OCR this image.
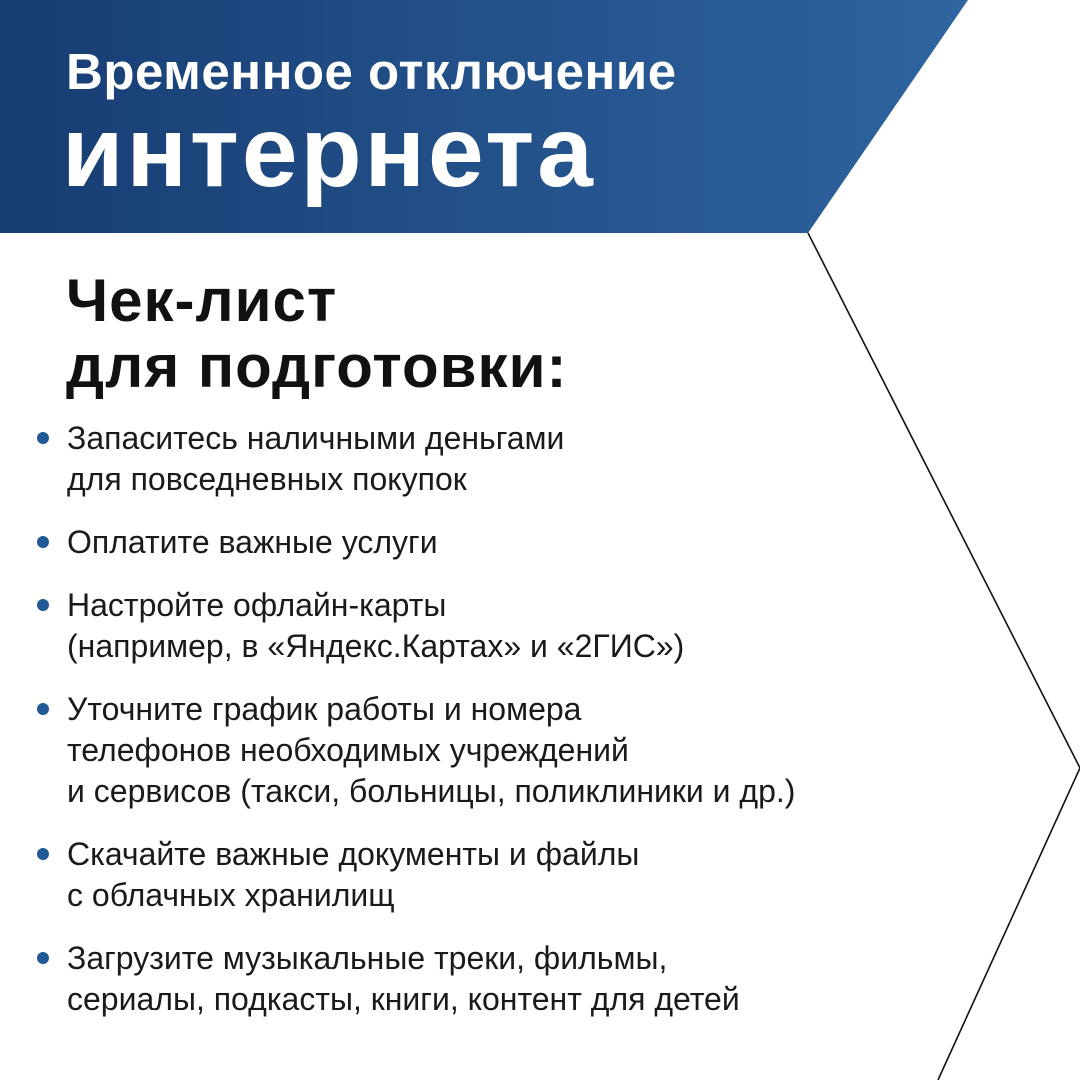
Временное отключение
интернета
Чек-лист
для подготовки:
Запаситесь наличными деньгами
для повседневных покупок
Оплатите важные услуги
Настройте офлайн-карты
(например, в «Яндекс.Картах» и «2ГИС»)
Уточните график работы и номера
телефонов необходимых учреждений
и сервисов (такси, больницы, поликлиники и др.)
Скачайте важные документы и файлы
с облачных хранилищ
Загрузите музыкальные треки, фильмы,
сериалы, подкасты, книги, контент для детей
